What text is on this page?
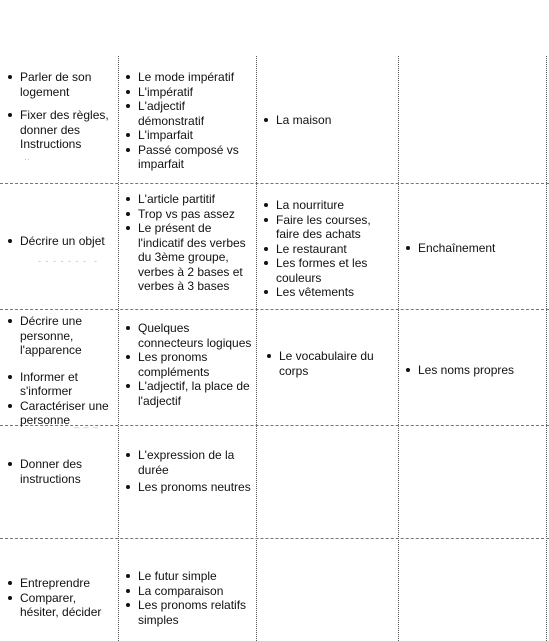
Parler de son logement
Fixer des règles, donner des Instructions
Le mode impératif
L'impératif
L'adjectif démonstratif
L'imparfait
Passé composé vs imparfait
La maison
Décrire un objet
L'article partitif
Trop vs pas assez
Le présent de l'indicatif des verbes du 3ème groupe, verbes à 2 bases et verbes à 3 bases
La nourriture
Faire les courses, faire des achats
Le restaurant
Les formes et les couleurs
Les vêtements
Enchaînement
Décrire une personne, l'apparence
Informer et s'informer
Caractériser une personne
Quelques connecteurs logiques
Les pronoms compléments
L'adjectif, la place de l'adjectif
Le vocabulaire du corps	Les noms propres
Donner des instructions
L'expression de la durée
Les pronoms neutres
Entreprendre
Comparer, hésiter, décider
Le futur simple
La comparaison
Les pronoms relatifs simples
‥
‐ ‐ ‐ ‐ ‐ ‐ ‐ ‐
_ _ _
